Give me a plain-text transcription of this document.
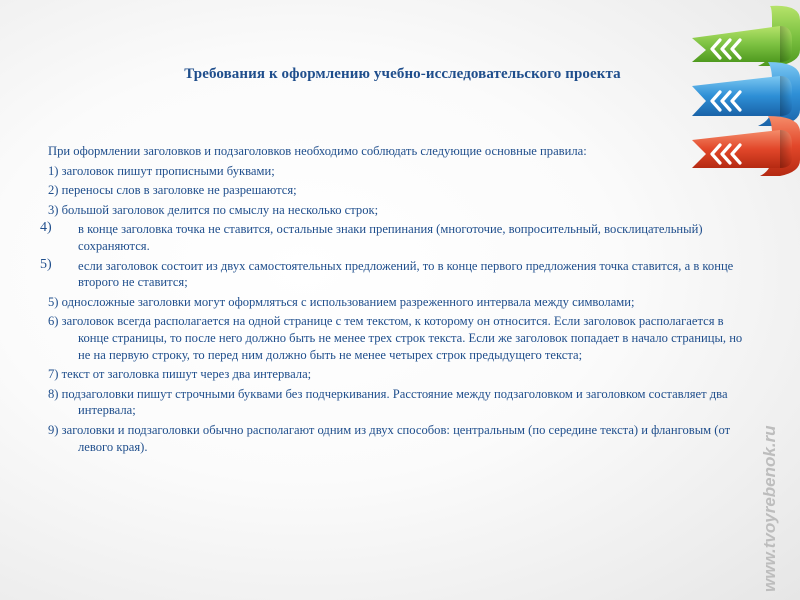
Требования к оформлению учебно-исследовательского проекта

При оформлении заголовков и подзаголовков необходимо соблюдать следующие основные правила:

1) заголовок пишут прописными буквами;

2) переносы слов в заголовке не разрешаются;

3) большой заголовок делится по смыслу на несколько строк;

4) в конце заголовка точка не ставится, остальные знаки препинания (многоточие, вопросительный, восклицательный) сохраняются.
5) если заголовок состоит из двух самостоятельных предложений, то в конце первого предложения точка ставится, а в конце второго не ставится;

5) односложные заголовки могут оформляться с использованием разреженного интервала между символами;

6) заголовок всегда располагается на одной странице с тем текстом, к которому он относится. Если заголовок располагается в конце страницы, то после него должно быть не менее трех строк текста. Если же заголовок попадает в начало страницы, но не на первую строку, то перед ним должно быть не менее четырех строк предыдущего текста;

7) текст от заголовка пишут через два интервала;

8) подзаголовки пишут строчными буквами без подчеркивания. Расстояние между подзаголовком и заголовком составляет два интервала;

9) заголовки и подзаголовки обычно располагают одним из двух способов: центральным (по середине текста) и фланговым (от левого края).	www.tvoyrebenok.ru
